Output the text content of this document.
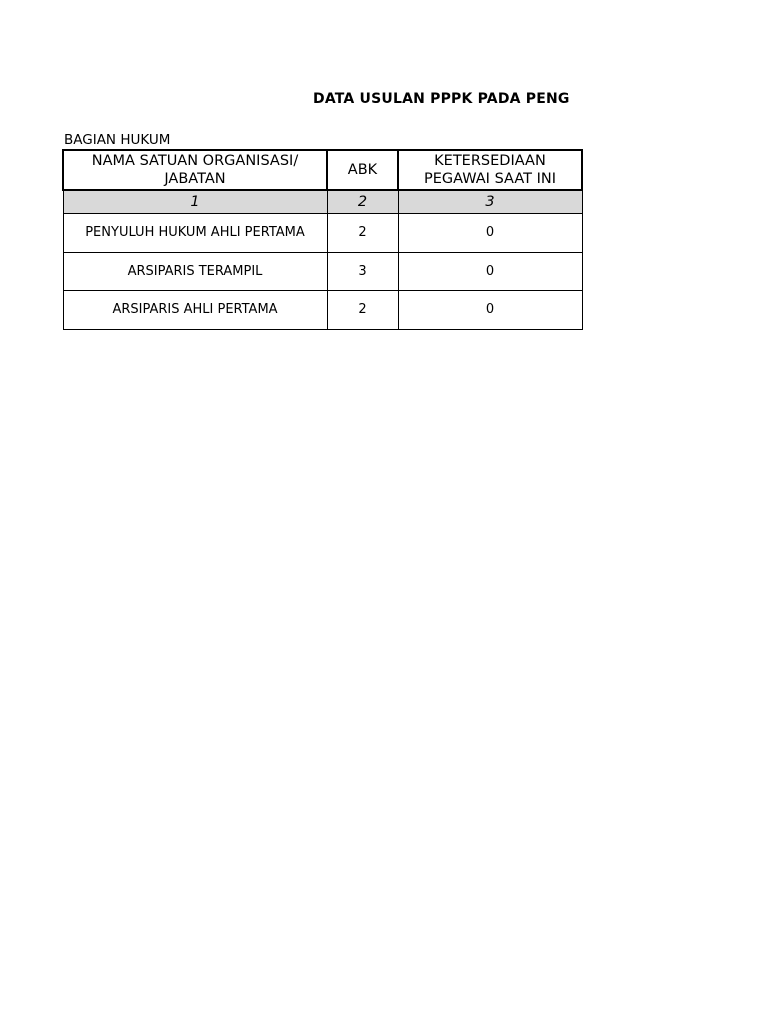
DATA USULAN PPPK PADA PENG
BAGIAN HUKUM
NAMA SATUAN ORGANISASI/ JABATAN	ABK	KETERSEDIAAN PEGAWAI SAAT INI
1	2	3
PENYULUH HUKUM AHLI PERTAMA	2	0
ARSIPARIS TERAMPIL	3	0
ARSIPARIS AHLI PERTAMA	2	0
